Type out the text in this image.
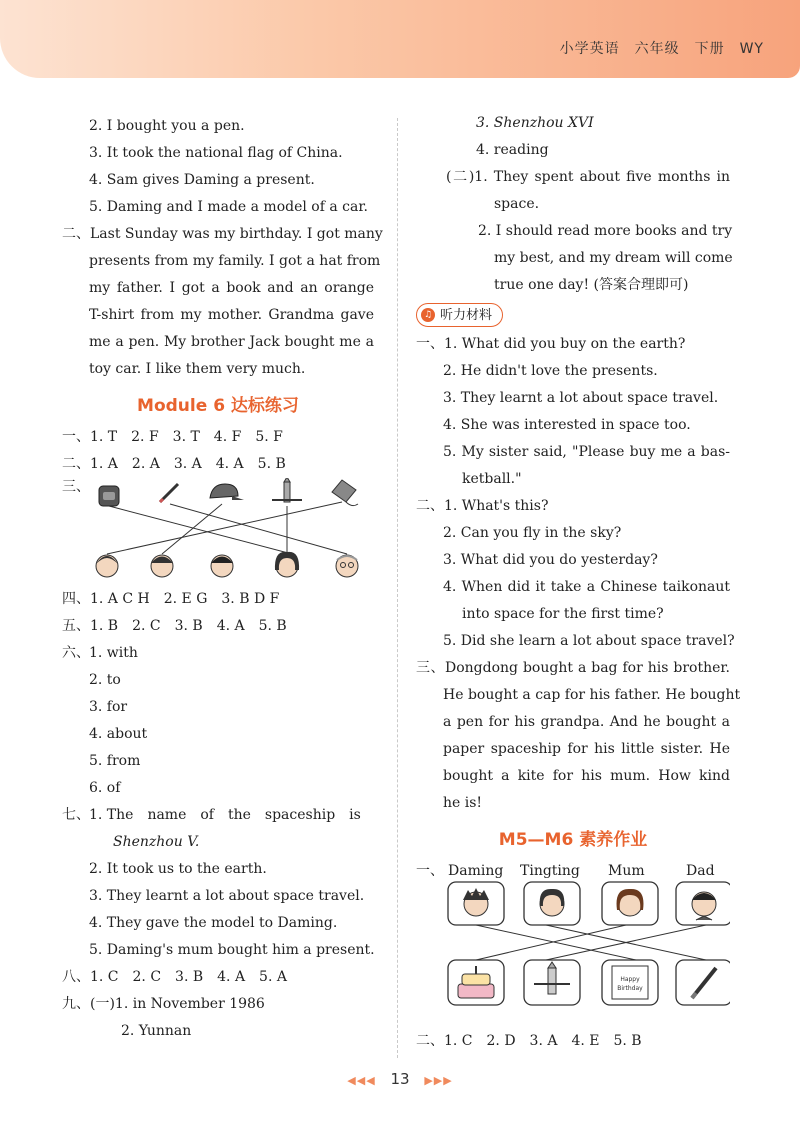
小学英语　六年级　下册　WY
2. I bought you a pen.
3. It took the national flag of China.
4. Sam gives Daming a present.
5. Daming and I made a model of a car.
二、Last Sunday was my birthday. I got many
presents from my family. I got a hat from
my father. I got a book and an orange
T-shirt from my mother. Grandma gave
me a pen. My brother Jack bought me a
toy car. I like them very much.
Module 6 达标练习
一、1. T　2. F　3. T　4. F　5. F
二、1. A　2. A　3. A　4. A　5. B
三、
四、1. A C H　2. E G　3. B D F
五、1. B　2. C　3. B　4. A　5. B
六、 1. with
2. to
3. for
4. about
5. from
6. of
七、 1. The　name　of　the　spaceship　is
Shenzhou V.
2. It took us to the earth.
3. They learnt a lot about space travel.
4. They gave the model to Daming.
5. Daming's mum bought him a present.
八、1. C　2. C　3. B　4. A　5. A
九、(一)1. in November 1986
2. Yunnan
3. Shenzhou XVI
4. reading
(二)1. They spent about five months in
space.
2. I should read more books and try
my best, and my dream will come
true one day! (答案合理即可)
♫ 听力材料
一、1. What did you buy on the earth?
2. He didn't love the presents.
3. They learnt a lot about space travel.
4. She was interested in space too.
5. My sister said, "Please buy me a bas-
ketball."
二、1. What's this?
2. Can you fly in the sky?
3. What did you do yesterday?
4. When did it take a Chinese taikonaut
into space for the first time?
5. Did she learn a lot about space travel?
三、Dongdong bought a bag for his brother.
He bought a cap for his father. He bought
a pen for his grandpa. And he bought a
paper spaceship for his little sister. He
bought a kite for his mum. How kind
he is!
M5—M6 素养作业
一、 Daming Tingting Mum	Dad
Happy
Birthday
二、1. C　2. D　3. A　4. E　5. B
◀◀◀ 13 ▶▶▶
